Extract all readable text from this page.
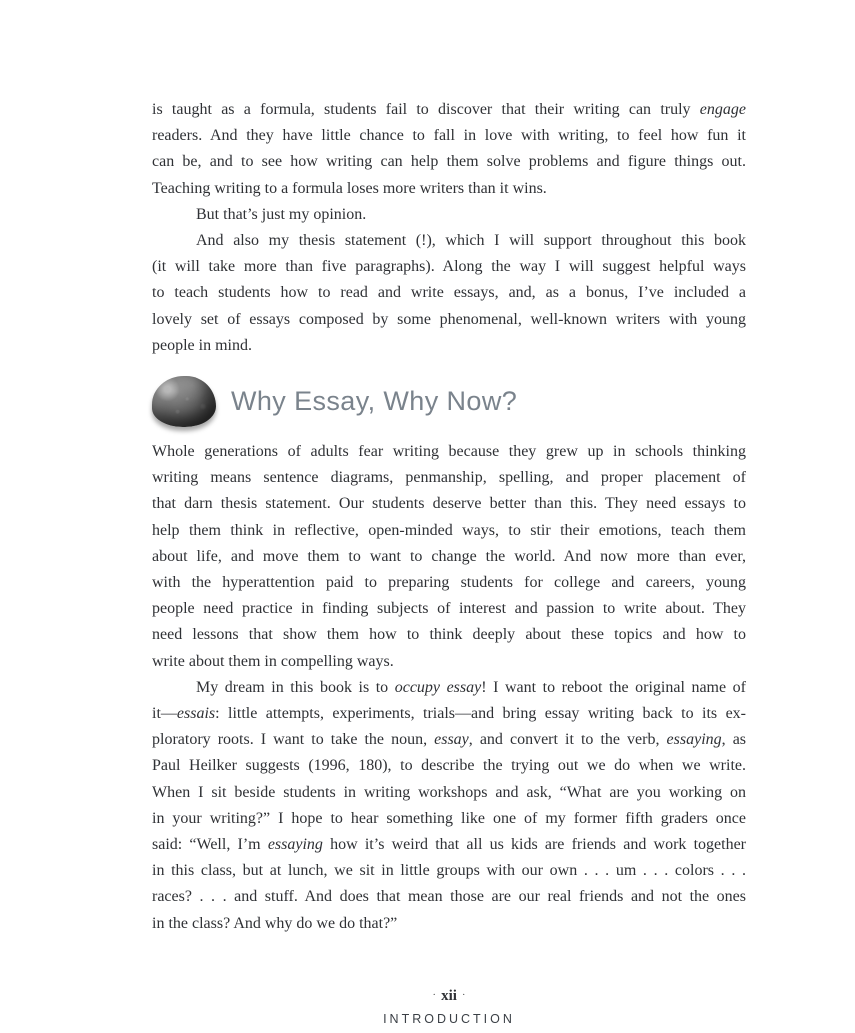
is taught as a formula, students fail to discover that their writing can truly engage
readers. And they have little chance to fall in love with writing, to feel how fun it
can be, and to see how writing can help them solve problems and figure things out.
Teaching writing to a formula loses more writers than it wins.
But that’s just my opinion.
And also my thesis statement (!), which I will support throughout this book
(it will take more than five paragraphs). Along the way I will suggest helpful ways
to teach students how to read and write essays, and, as a bonus, I’ve included a
lovely set of essays composed by some phenomenal, well-known writers with young
people in mind.
Why Essay, Why Now?
Whole generations of adults fear writing because they grew up in schools thinking
writing means sentence diagrams, penmanship, spelling, and proper placement of
that darn thesis statement. Our students deserve better than this. They need essays to
help them think in reflective, open-minded ways, to stir their emotions, teach them
about life, and move them to want to change the world. And now more than ever,
with the hyperattention paid to preparing students for college and careers, young
people need practice in finding subjects of interest and passion to write about. They
need lessons that show them how to think deeply about these topics and how to
write about them in compelling ways.
My dream in this book is to occupy essay! I want to reboot the original name of
it—essais: little attempts, experiments, trials—and bring essay writing back to its ex-
ploratory roots. I want to take the noun, essay, and convert it to the verb, essaying, as
Paul Heilker suggests (1996, 180), to describe the trying out we do when we write.
When I sit beside students in writing workshops and ask, “What are you working on
in your writing?” I hope to hear something like one of my former fifth graders once
said: “Well, I’m essaying how it’s weird that all us kids are friends and work together
in this class, but at lunch, we sit in little groups with our own . . . um . . . colors . . .
races? . . . and stuff. And does that mean those are our real friends and not the ones
in the class? And why do we do that?”
· xii ·
INTRODUCTION
